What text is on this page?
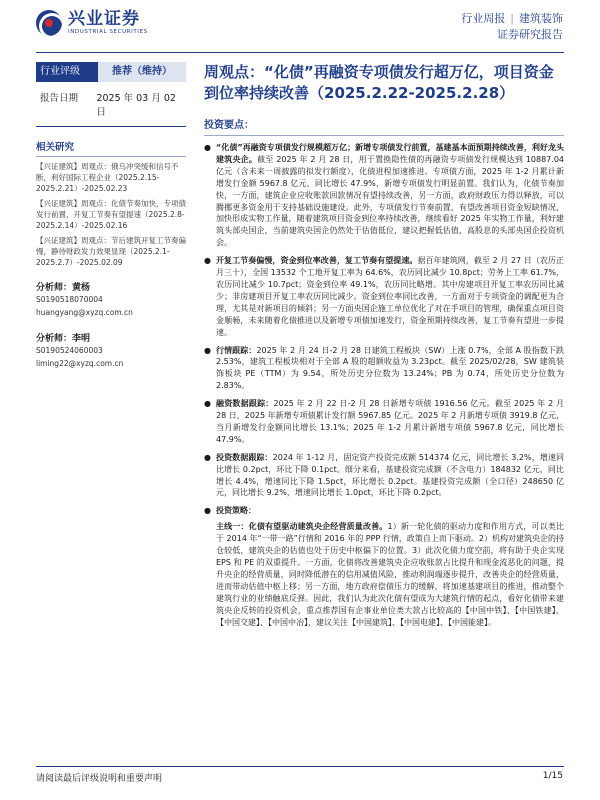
兴业证券
INDUSTRIAL SECURITIES
行业周报 | 建筑装饰
证券研究报告
行业评级	推荐（维持）
报告日期	2025 年 03 月 02 日
相关研究
【兴证建筑】周观点：俄乌冲突缓和信号不断，利好国际工程企业（2025.2.15-2025.2.21）-2025.02.23
【兴证建筑】周观点：化债节奏加快，专项债发行前置，开复工节奏有望提速（2025.2.8-2025.2.14）-2025.02.16
【兴证建筑】周观点：节后建筑开复工节奏偏慢，静待财政发力效果显现（2025.2.1-2025.2.7）-2025.02.09
分析师：黄杨
S0190518070004
huangyang@xyzq.com.cn
分析师：李明
S0190524060003
liming22@xyzq.com.cn
周观点：“化债”再融资专项债发行超万亿，项目资金到位率持续改善（2025.2.22-2025.2.28）
投资要点：
● “化债”再融资专项债发行规模超万亿；新增专项债发行前置，基建基本面预期持续改善，利好龙头建筑央企。截至 2025 年 2 月 28 日，用于置换隐性债的再融资专项债发行规模达到 10887.04 亿元（含未来一周披露的拟发行额度），化债进程加速推进。专项债方面，2025 年 1-2 月累计新增发行金额 5967.8 亿元，同比增长 47.9%，新增专项债发行明显前置。我们认为，化债节奏加快，一方面，建筑企业应收账款回款情况有望持续改善，另一方面，政府财政压力得以释放，可以腾挪更多资金用于支持基础设施建设。此外，专项债发行节奏前置，有望改善项目资金短缺情况，加快形成实物工作量，随着建筑项目资金到位率持续改善，继续看好 2025 年实物工作量，利好建筑头部央国企，当前建筑央国企仍然处于估值低位，建议把握低估值、高股息的头部央国企投资机会。
● 开复工节奏偏慢，资金到位率改善，复工节奏有望提速。据百年建筑网，截至 2 月 27 日（农历正月三十），全国 13532 个工地开复工率为 64.6%，农历同比减少 10.8pct；劳务上工率 61.7%，农历同比减少 10.7pct；资金到位率 49.1%，农历同比略增。其中房建项目开复工率农历同比减少；非房建项目开复工率农历同比减少。资金到位率同比改善，一方面对于专项资金的调配更为合理，尤其是对新项目的倾斜；另一方面央国企施工单位优化了对在手项目的管理，确保重点项目资金顺畅，未来随着化债推进以及新增专项债加速发行，资金预期持续改善，复工节奏有望进一步提速。
● 行情跟踪：2025 年 2 月 24 日-2 月 28 日建筑工程板块（SW）上涨 0.7%，全部 A 股指数下跌 2.53%，建筑工程板块相对于全部 A 股的超额收益为 3.23pct。截至 2025/02/28，SW 建筑装饰板块 PE（TTM）为 9.54，所处历史分位数为 13.24%；PB 为 0.74，所处历史分位数为 2.83%。
● 融资数据跟踪：2025 年 2 月 22 日-2 月 28 日新增专项债 1916.56 亿元。截至 2025 年 2 月 28 日，2025 年新增专项债累计发行额 5967.85 亿元。2025 年 2 月新增专项债 3919.8 亿元，当月新增发行金额同比增长 13.1%；2025 年 1-2 月累计新增专项债 5967.8 亿元，同比增长 47.9%。
● 投资数据跟踪：2024 年 1-12 月，固定资产投资完成额 514374 亿元，同比增长 3.2%，增速同比增长 0.2pct，环比下降 0.1pct。细分来看，基建投资完成额（不含电力）184832 亿元，同比增长 4.4%，增速同比下降 1.5pct，环比增长 0.2pct。基建投资完成额（全口径）248650 亿元，同比增长 9.2%，增速同比增长 1.0pct，环比下降 0.2pct。
● 投资策略：
主线一：化债有望驱动建筑央企经营质量改善。1）新一轮化债的驱动力度和作用方式，可以类比于 2014 年“一带一路”行情和 2016 年的 PPP 行情，政策自上而下驱动。2）机构对建筑央企的持仓较低，建筑央企的估值也处于历史中枢偏下的位置。3）此次化债力度空前，将有助于央企实现 EPS 和 PE 的双重提升。一方面，化债将改善建筑央企应收账款占比提升和现金流恶化的问题，提升央企的经营质量，同时降低潜在的信用减值风险，推动利润端逐步提升，改善央企的经营质量，进而带动估值中枢上移；另一方面，地方政府偿债压力的缓解，将加速基建项目的推进，推动整个建筑行业的业绩触底反弹。因此，我们认为此次化债有望成为大建筑行情的起点，看好化债带来建筑央企反转的投资机会，重点推荐国有企事业单位类大款占比较高的【中国中铁】、【中国铁建】、【中国交建】、【中国中冶】，建议关注【中国建筑】、【中国电建】、【中国能建】。
请阅读最后评级说明和重要声明	1/15
